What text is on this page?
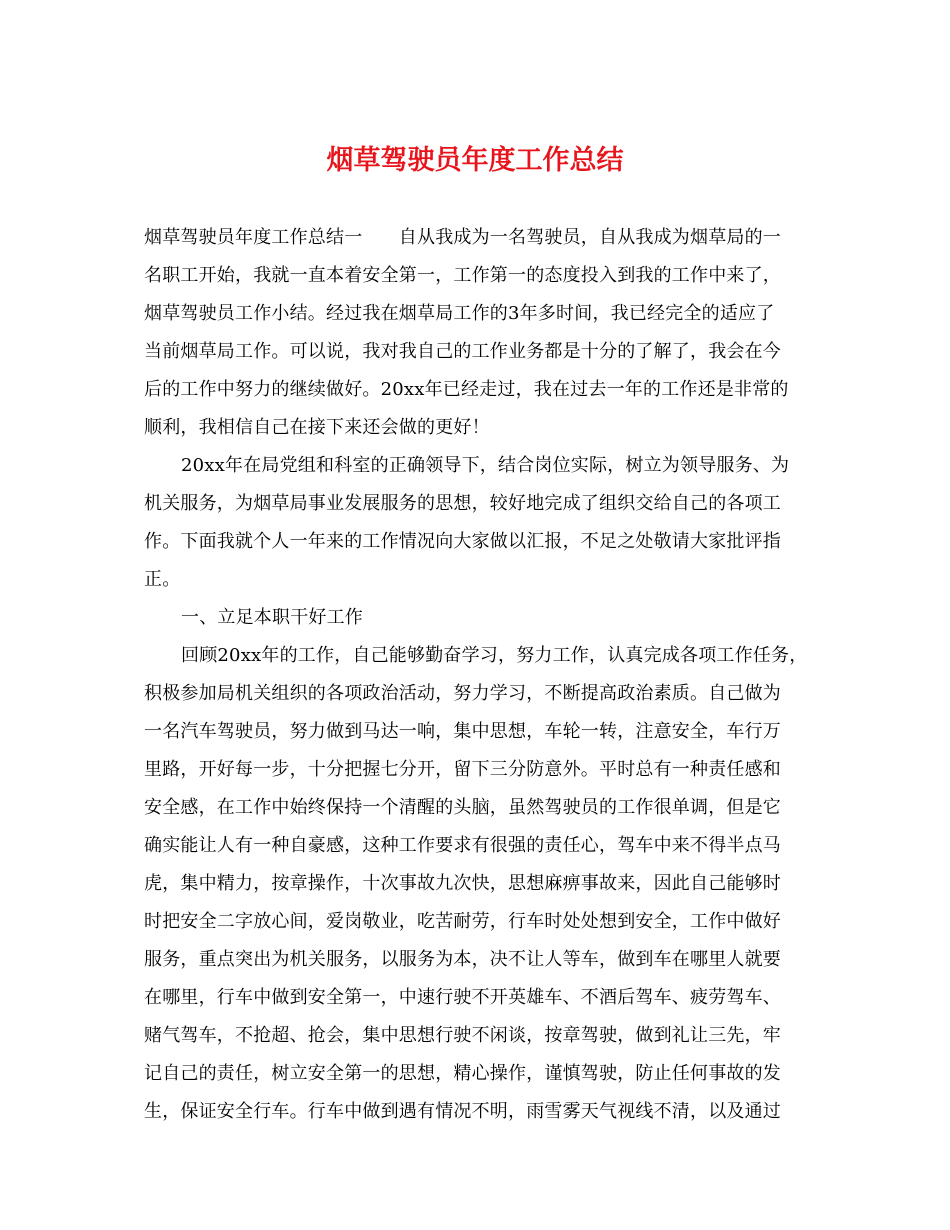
烟草驾驶员年度工作总结
烟草驾驶员年度工作总结一　　自从我成为一名驾驶员，自从我成为烟草局的一
名职工开始，我就一直本着安全第一，工作第一的态度投入到我的工作中来了，
烟草驾驶员工作小结。经过我在烟草局工作的3年多时间，我已经完全的适应了
当前烟草局工作。可以说，我对我自己的工作业务都是十分的了解了，我会在今
后的工作中努力的继续做好。20xx年已经走过，我在过去一年的工作还是非常的
顺利，我相信自己在接下来还会做的更好！
20xx年在局党组和科室的正确领导下，结合岗位实际，树立为领导服务、为
机关服务，为烟草局事业发展服务的思想，较好地完成了组织交给自己的各项工
作。下面我就个人一年来的工作情况向大家做以汇报，不足之处敬请大家批评指
正。
一、立足本职干好工作
回顾20xx年的工作，自己能够勤奋学习，努力工作，认真完成各项工作任务，
积极参加局机关组织的各项政治活动，努力学习，不断提高政治素质。自己做为
一名汽车驾驶员，努力做到马达一响，集中思想，车轮一转，注意安全，车行万
里路，开好每一步，十分把握七分开，留下三分防意外。平时总有一种责任感和
安全感，在工作中始终保持一个清醒的头脑，虽然驾驶员的工作很单调，但是它
确实能让人有一种自豪感，这种工作要求有很强的责任心，驾车中来不得半点马
虎，集中精力，按章操作，十次事故九次快，思想麻痹事故来，因此自己能够时
时把安全二字放心间，爱岗敬业，吃苦耐劳，行车时处处想到安全，工作中做好
服务，重点突出为机关服务，以服务为本，决不让人等车，做到车在哪里人就要
在哪里，行车中做到安全第一，中速行驶不开英雄车、不酒后驾车、疲劳驾车、
赌气驾车，不抢超、抢会，集中思想行驶不闲谈，按章驾驶，做到礼让三先，牢
记自己的责任，树立安全第一的思想，精心操作，谨慎驾驶，防止任何事故的发
生，保证安全行车。行车中做到遇有情况不明，雨雪雾天气视线不清，以及通过
